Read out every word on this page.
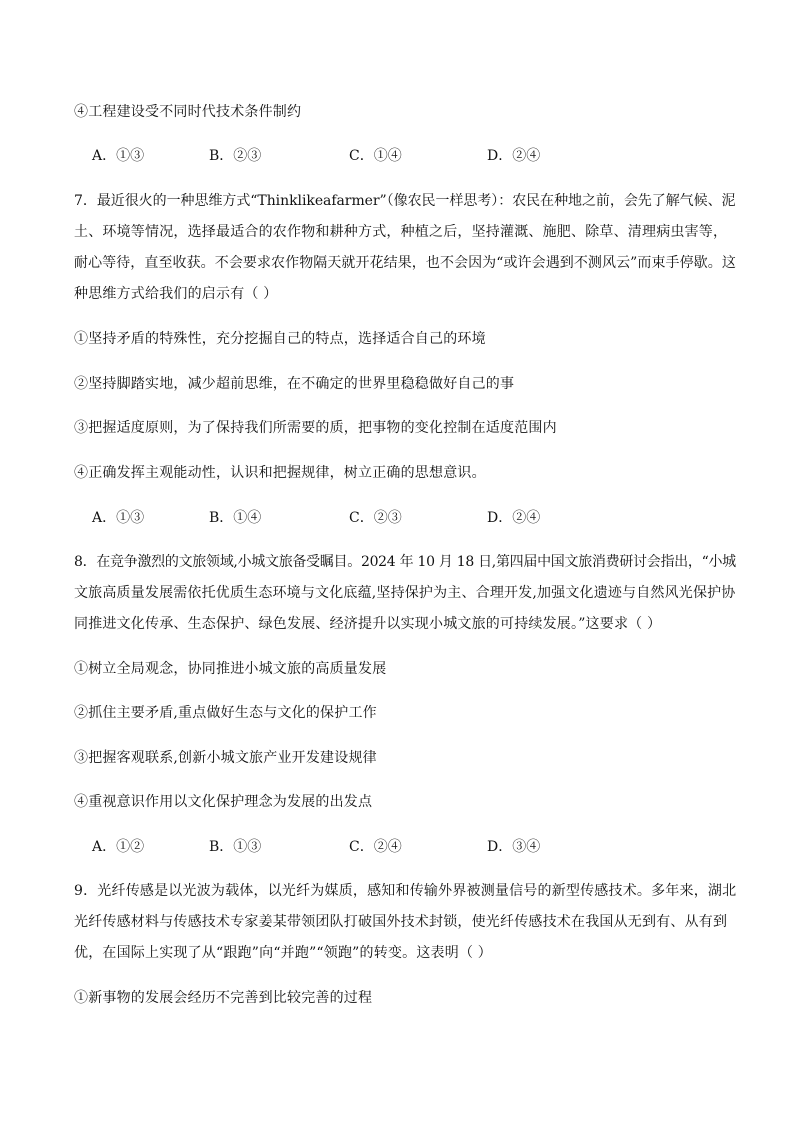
④工程建设受不同时代技术条件制约
A．①③	B．②③	C．①④	D．②④
7．最近很火的一种思维方式“Thinklikeafarmer”（像农民一样思考）：农民在种地之前，会先了解气候、泥
土、环境等情况，选择最适合的农作物和耕种方式，种植之后，坚持灌溉、施肥、除草、清理病虫害等，
耐心等待，直至收获。不会要求农作物隔天就开花结果，也不会因为“或许会遇到不测风云”而束手停歇。这
种思维方式给我们的启示有（ ）
①坚持矛盾的特殊性，充分挖掘自己的特点，选择适合自己的环境
②坚持脚踏实地，减少超前思维，在不确定的世界里稳稳做好自己的事
③把握适度原则，为了保持我们所需要的质，把事物的变化控制在适度范围内
④正确发挥主观能动性，认识和把握规律，树立正确的思想意识。
A．①③	B．①④	C．②③	D．②④
8．在竞争激烈的文旅领域,小城文旅备受瞩目。2024 年 10 月 18 日,第四届中国文旅消费研讨会指出，“小城
文旅高质量发展需依托优质生态环境与文化底蕴,坚持保护为主、合理开发,加强文化遗迹与自然风光保护协
同推进文化传承、生态保护、绿色发展、经济提升以实现小城文旅的可持续发展。”这要求（ ）
①树立全局观念，协同推进小城文旅的高质量发展
②抓住主要矛盾,重点做好生态与文化的保护工作
③把握客观联系,创新小城文旅产业开发建设规律
④重视意识作用以文化保护理念为发展的出发点
A．①②	B．①③	C．②④	D．③④
9．光纤传感是以光波为载体，以光纤为媒质，感知和传输外界被测量信号的新型传感技术。多年来，湖北
光纤传感材料与传感技术专家姜某带领团队打破国外技术封锁，使光纤传感技术在我国从无到有、从有到
优，在国际上实现了从“跟跑”向“并跑”“领跑”的转变。这表明（ ）
①新事物的发展会经历不完善到比较完善的过程
